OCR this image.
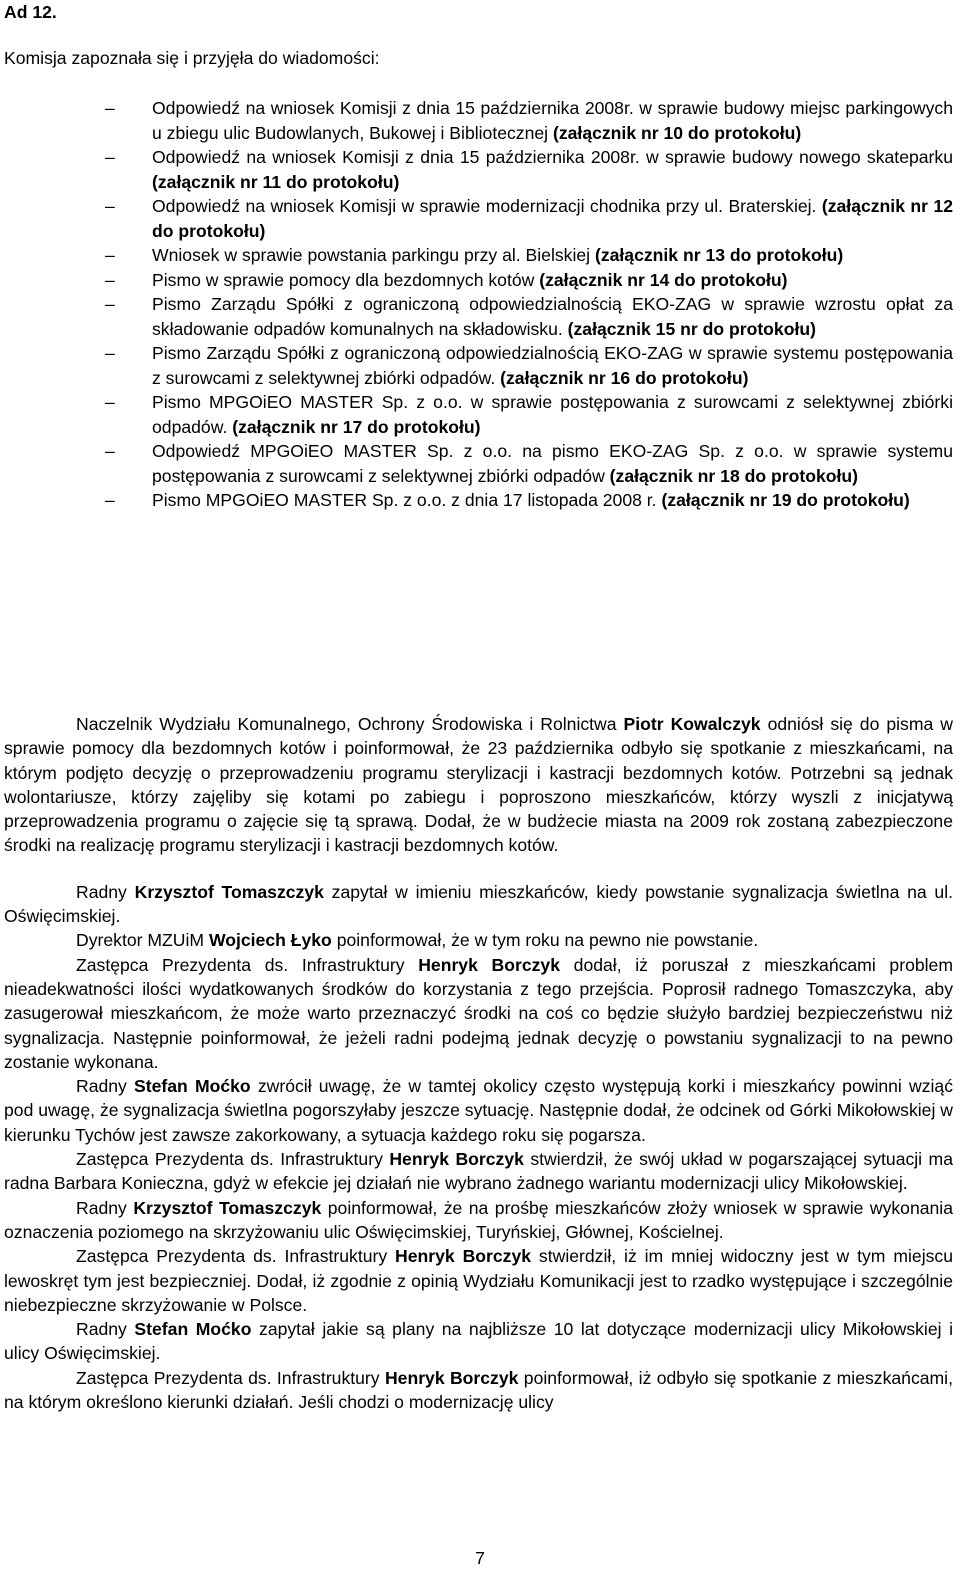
Ad 12.
Komisja zapoznała się i przyjęła do wiadomości:
– Odpowiedź na wniosek Komisji z dnia 15 października 2008r. w sprawie budowy miejsc parkingowych u zbiegu ulic Budowlanych, Bukowej i Bibliotecznej (załącznik nr 10 do protokołu)
– Odpowiedź na wniosek Komisji z dnia 15 października 2008r. w sprawie budowy nowego skateparku (załącznik nr 11 do protokołu)
– Odpowiedź na wniosek Komisji w sprawie modernizacji chodnika przy ul. Braterskiej. (załącznik nr 12 do protokołu)
– Wniosek w sprawie powstania parkingu przy al. Bielskiej (załącznik nr 13 do protokołu)
– Pismo w sprawie pomocy dla bezdomnych kotów (załącznik nr 14 do protokołu)
– Pismo Zarządu Spółki z ograniczoną odpowiedzialnością EKO-ZAG w sprawie wzrostu opłat za składowanie odpadów komunalnych na składowisku. (załącznik 15 nr do protokołu)
– Pismo Zarządu Spółki z ograniczoną odpowiedzialnością EKO-ZAG w sprawie systemu postępowania z surowcami z selektywnej zbiórki odpadów. (załącznik nr 16 do protokołu)
– Pismo MPGOiEO MASTER Sp. z o.o. w sprawie postępowania z surowcami z selektywnej zbiórki odpadów. (załącznik nr 17 do protokołu)
– Odpowiedź MPGOiEO MASTER Sp. z o.o. na pismo EKO-ZAG Sp. z o.o. w sprawie systemu postępowania z surowcami z selektywnej zbiórki odpadów (załącznik nr 18 do protokołu)
– Pismo MPGOiEO MASTER Sp. z o.o. z dnia 17 listopada 2008 r. (załącznik nr 19 do protokołu)

Naczelnik Wydziału Komunalnego, Ochrony Środowiska i Rolnictwa Piotr Kowalczyk odniósł się do pisma w sprawie pomocy dla bezdomnych kotów i poinformował, że 23 października odbyło się spotkanie z mieszkańcami, na którym podjęto decyzję o przeprowadzeniu programu sterylizacji i kastracji bezdomnych kotów. Potrzebni są jednak wolontariusze, którzy zajęliby się kotami po zabiegu i poproszono mieszkańców, którzy wyszli z inicjatywą przeprowadzenia programu o zajęcie się tą sprawą. Dodał, że w budżecie miasta na 2009 rok zostaną zabezpieczone środki na realizację programu sterylizacji i kastracji bezdomnych kotów.

Radny Krzysztof Tomaszczyk zapytał w imieniu mieszkańców, kiedy powstanie sygnalizacja świetlna na ul. Oświęcimskiej.

Dyrektor MZUiM Wojciech Łyko poinformował, że w tym roku na pewno nie powstanie.

Zastępca Prezydenta ds. Infrastruktury Henryk Borczyk dodał, iż poruszał z mieszkańcami problem nieadekwatności ilości wydatkowanych środków do korzystania z tego przejścia. Poprosił radnego Tomaszczyka, aby zasugerował mieszkańcom, że może warto przeznaczyć środki na coś co będzie służyło bardziej bezpieczeństwu niż sygnalizacja. Następnie poinformował, że jeżeli radni podejmą jednak decyzję o powstaniu sygnalizacji to na pewno zostanie wykonana.

Radny Stefan Moćko zwrócił uwagę, że w tamtej okolicy często występują korki i mieszkańcy powinni wziąć pod uwagę, że sygnalizacja świetlna pogorszyłaby jeszcze sytuację. Następnie dodał, że odcinek od Górki Mikołowskiej w kierunku Tychów jest zawsze zakorkowany, a sytuacja każdego roku się pogarsza.

Zastępca Prezydenta ds. Infrastruktury Henryk Borczyk stwierdził, że swój układ w pogarszającej sytuacji ma radna Barbara Konieczna, gdyż w efekcie jej działań nie wybrano żadnego wariantu modernizacji ulicy Mikołowskiej.

Radny Krzysztof Tomaszczyk poinformował, że na prośbę mieszkańców złoży wniosek w sprawie wykonania oznaczenia poziomego na skrzyżowaniu ulic Oświęcimskiej, Turyńskiej, Głównej, Kościelnej.

Zastępca Prezydenta ds. Infrastruktury Henryk Borczyk stwierdził, iż im mniej widoczny jest w tym miejscu lewoskręt tym jest bezpieczniej. Dodał, iż zgodnie z opinią Wydziału Komunikacji jest to rzadko występujące i szczególnie niebezpieczne skrzyżowanie w Polsce.

Radny Stefan Moćko zapytał jakie są plany na najbliższe 10 lat dotyczące modernizacji ulicy Mikołowskiej i ulicy Oświęcimskiej.

Zastępca Prezydenta ds. Infrastruktury Henryk Borczyk poinformował, iż odbyło się spotkanie z mieszkańcami, na którym określono kierunki działań. Jeśli chodzi o modernizację ulicy

7
